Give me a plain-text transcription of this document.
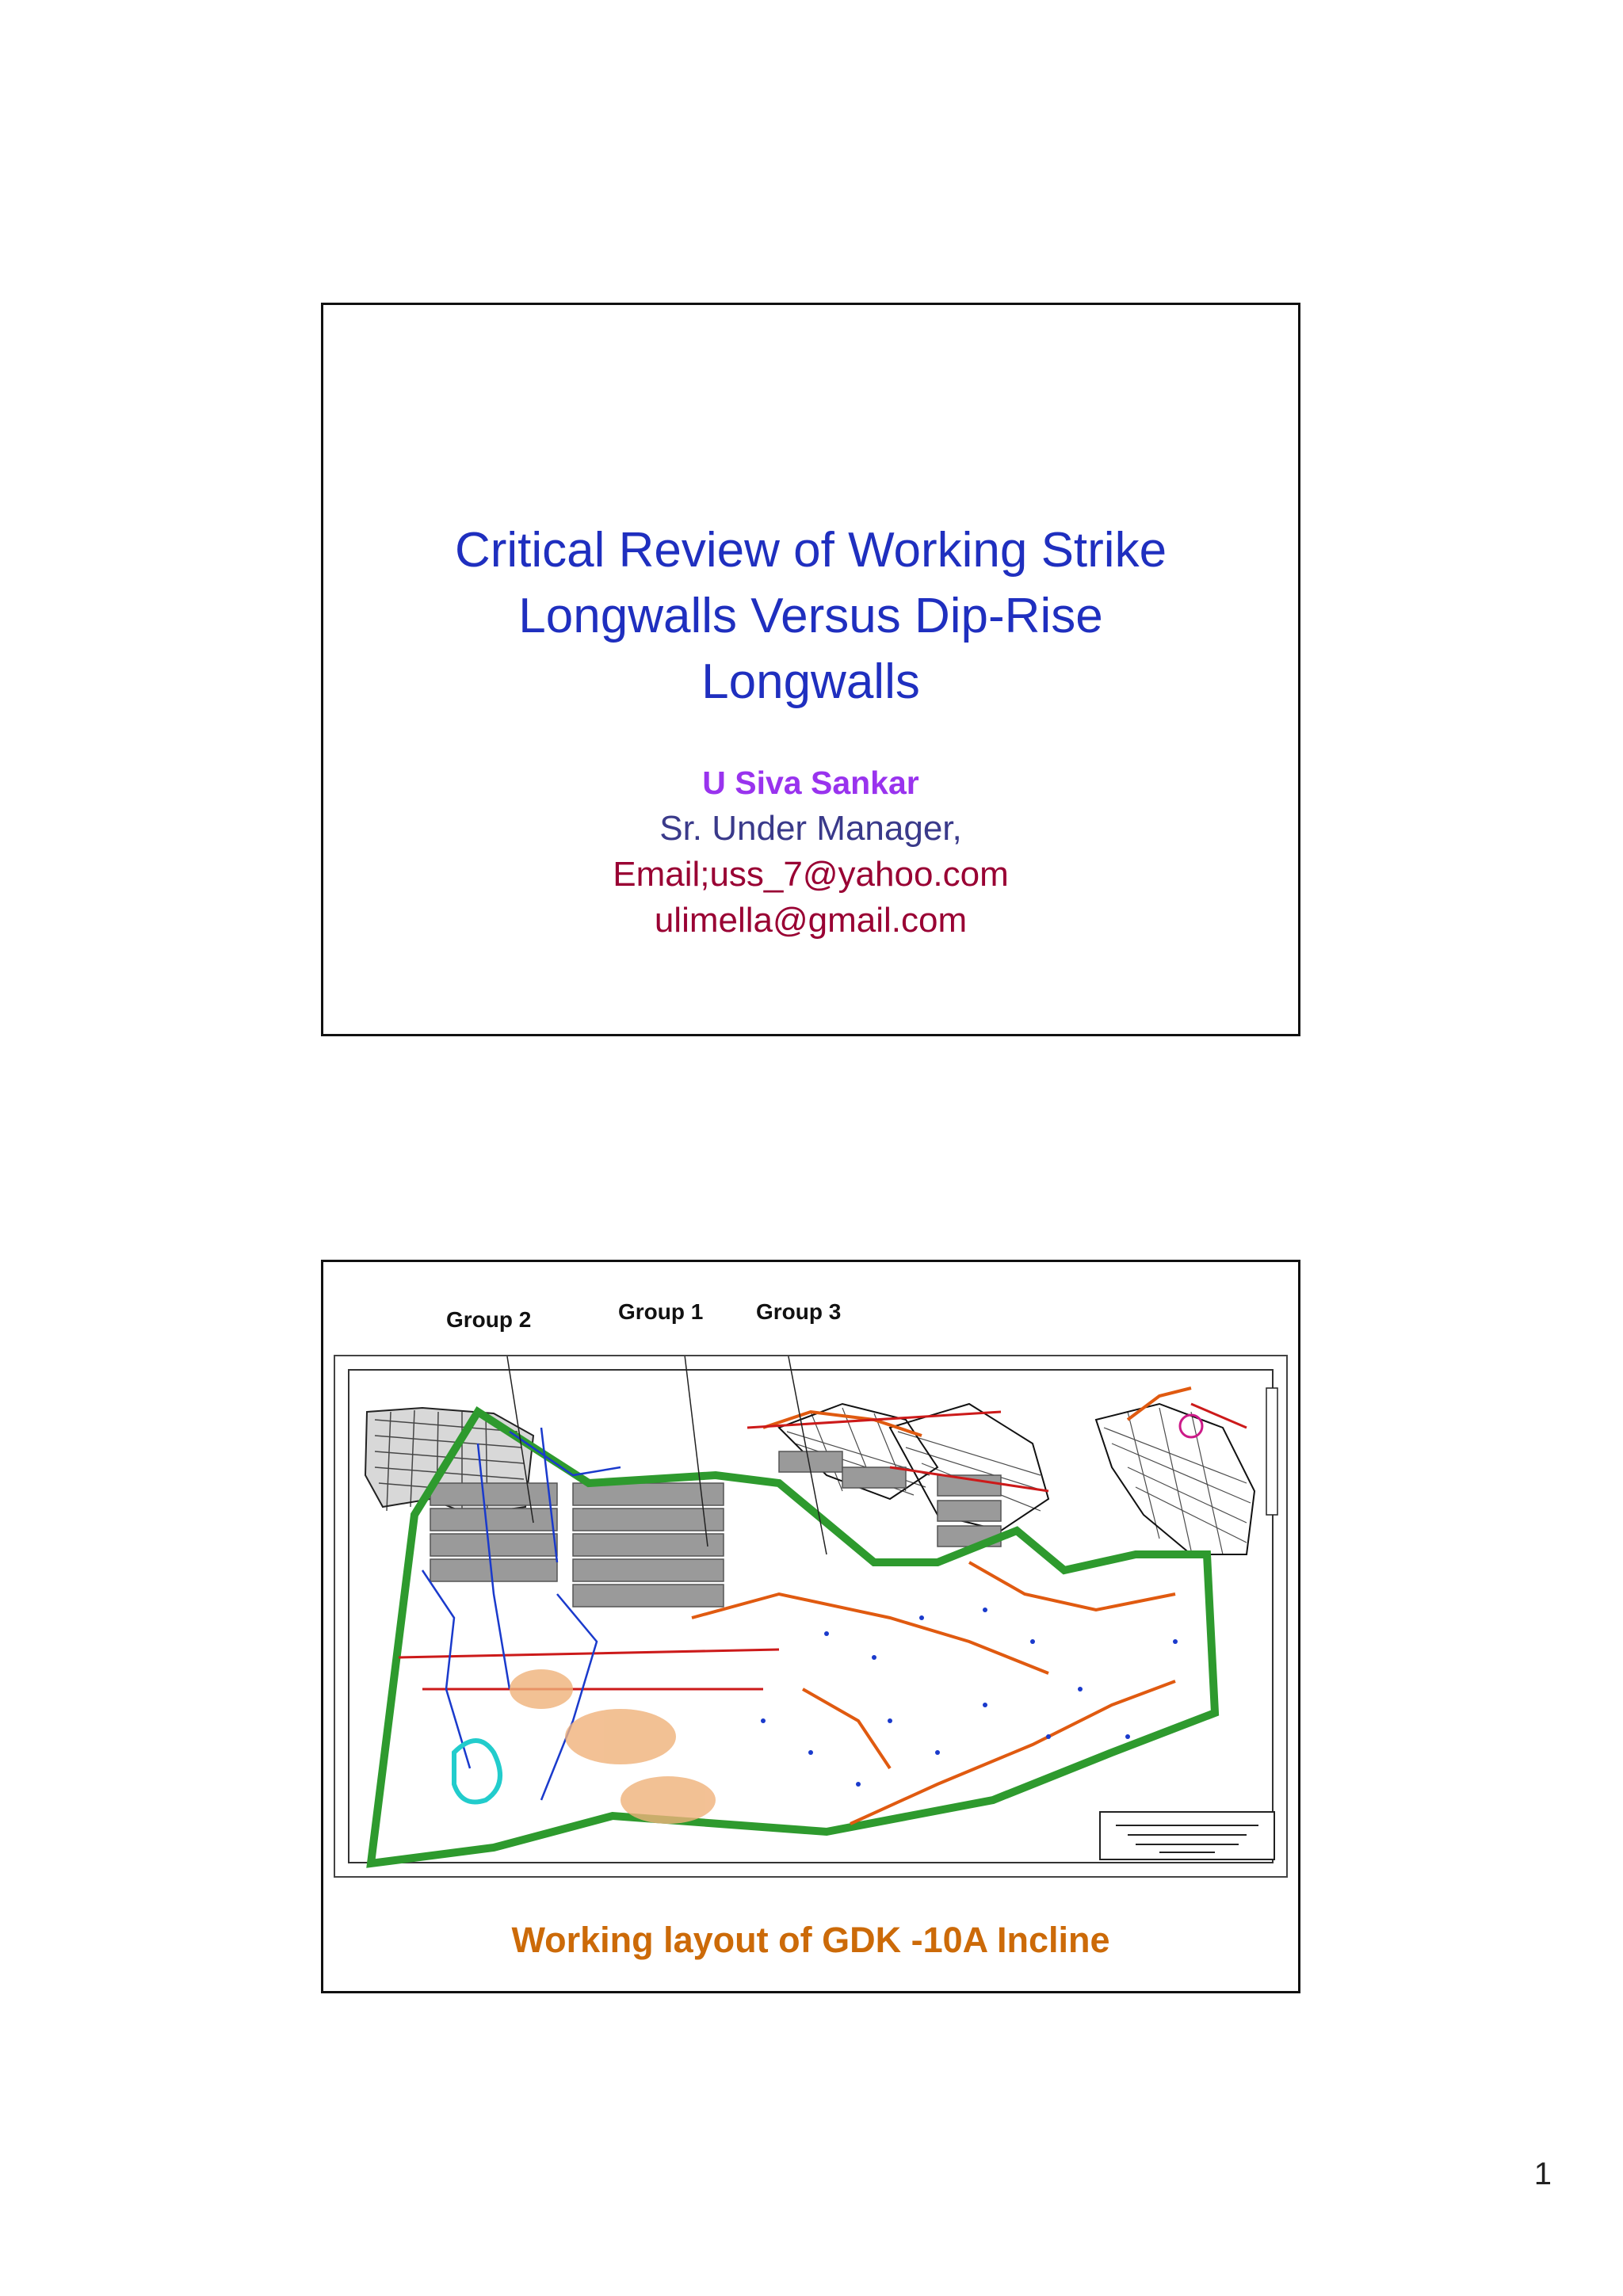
Critical Review of Working Strike
Longwalls Versus Dip-Rise
Longwalls
U Siva Sankar
Sr. Under Manager,
Email;uss_7@yahoo.com
ulimella@gmail.com
Group 2	Group 1 Group 3
Working layout of GDK -10A Incline
1
